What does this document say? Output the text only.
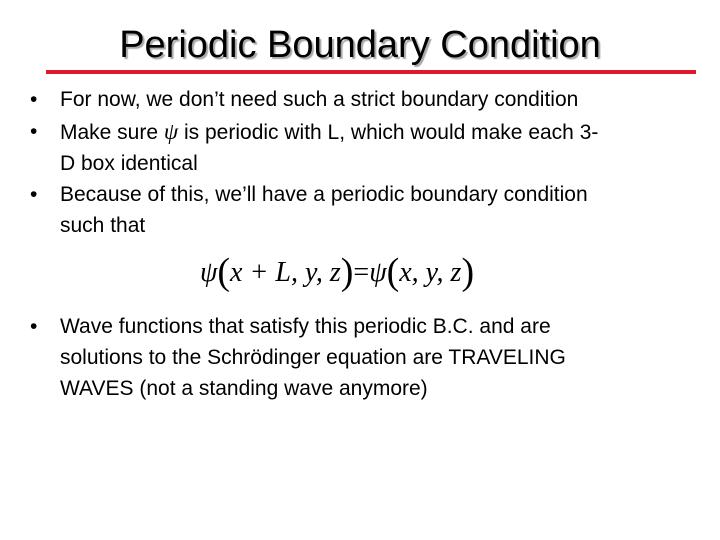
Periodic Boundary Condition
•	For now, we don’t need such a strict boundary condition
•	Make sure ψ is periodic with L, which would make each 3-
D box identical
•	Because of this, we’ll have a periodic boundary condition
such that
•	Wave functions that satisfy this periodic B.C. and are
solutions to the Schrödinger equation are TRAVELING
WAVES (not a standing wave anymore)
ψ(x + L, y, z)=ψ(x, y, z)
